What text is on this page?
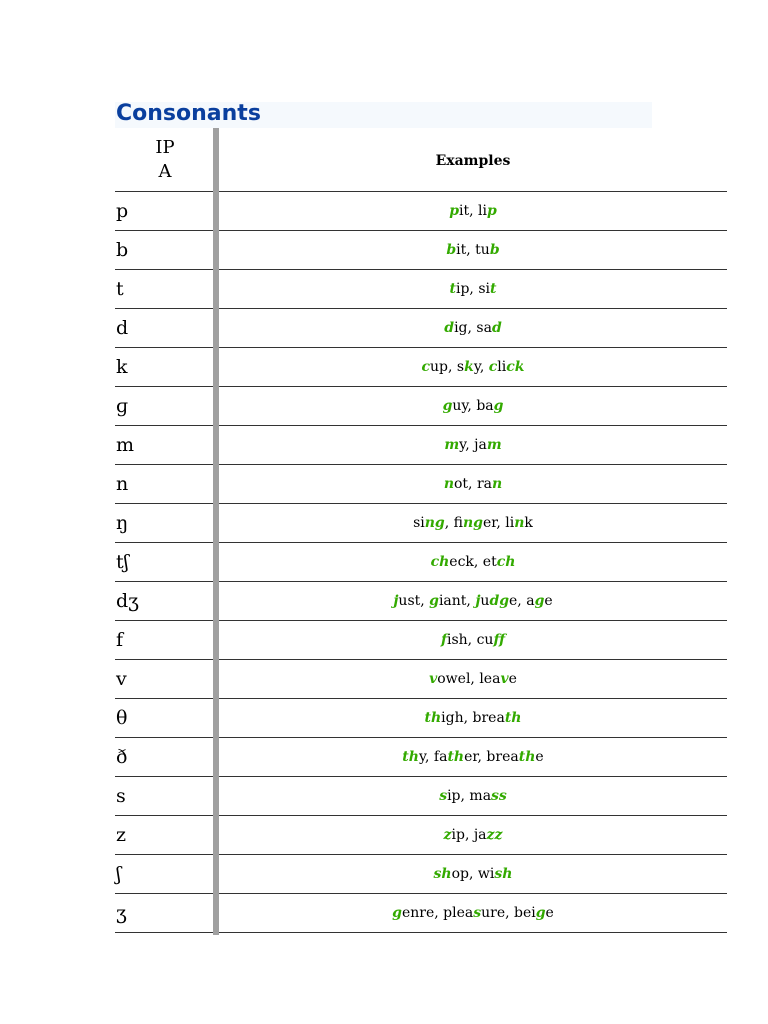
Consonants
IP
A	Examples
p	pit, lip
b	bit, tub
t	tip, sit
d	dig, sad
k	cup, sky, click
ɡ	guy, bag
m	my, jam
n	not, ran
ŋ	sing, finger, link
tʃ	check, etch
dʒ	just, giant, judge, age
f	fish, cuff
v	vowel, leave
θ	thigh, breath
ð	thy, father, breathe
s	sip, mass
z	zip, jazz
ʃ	shop, wish
ʒ	genre, pleasure, beige
